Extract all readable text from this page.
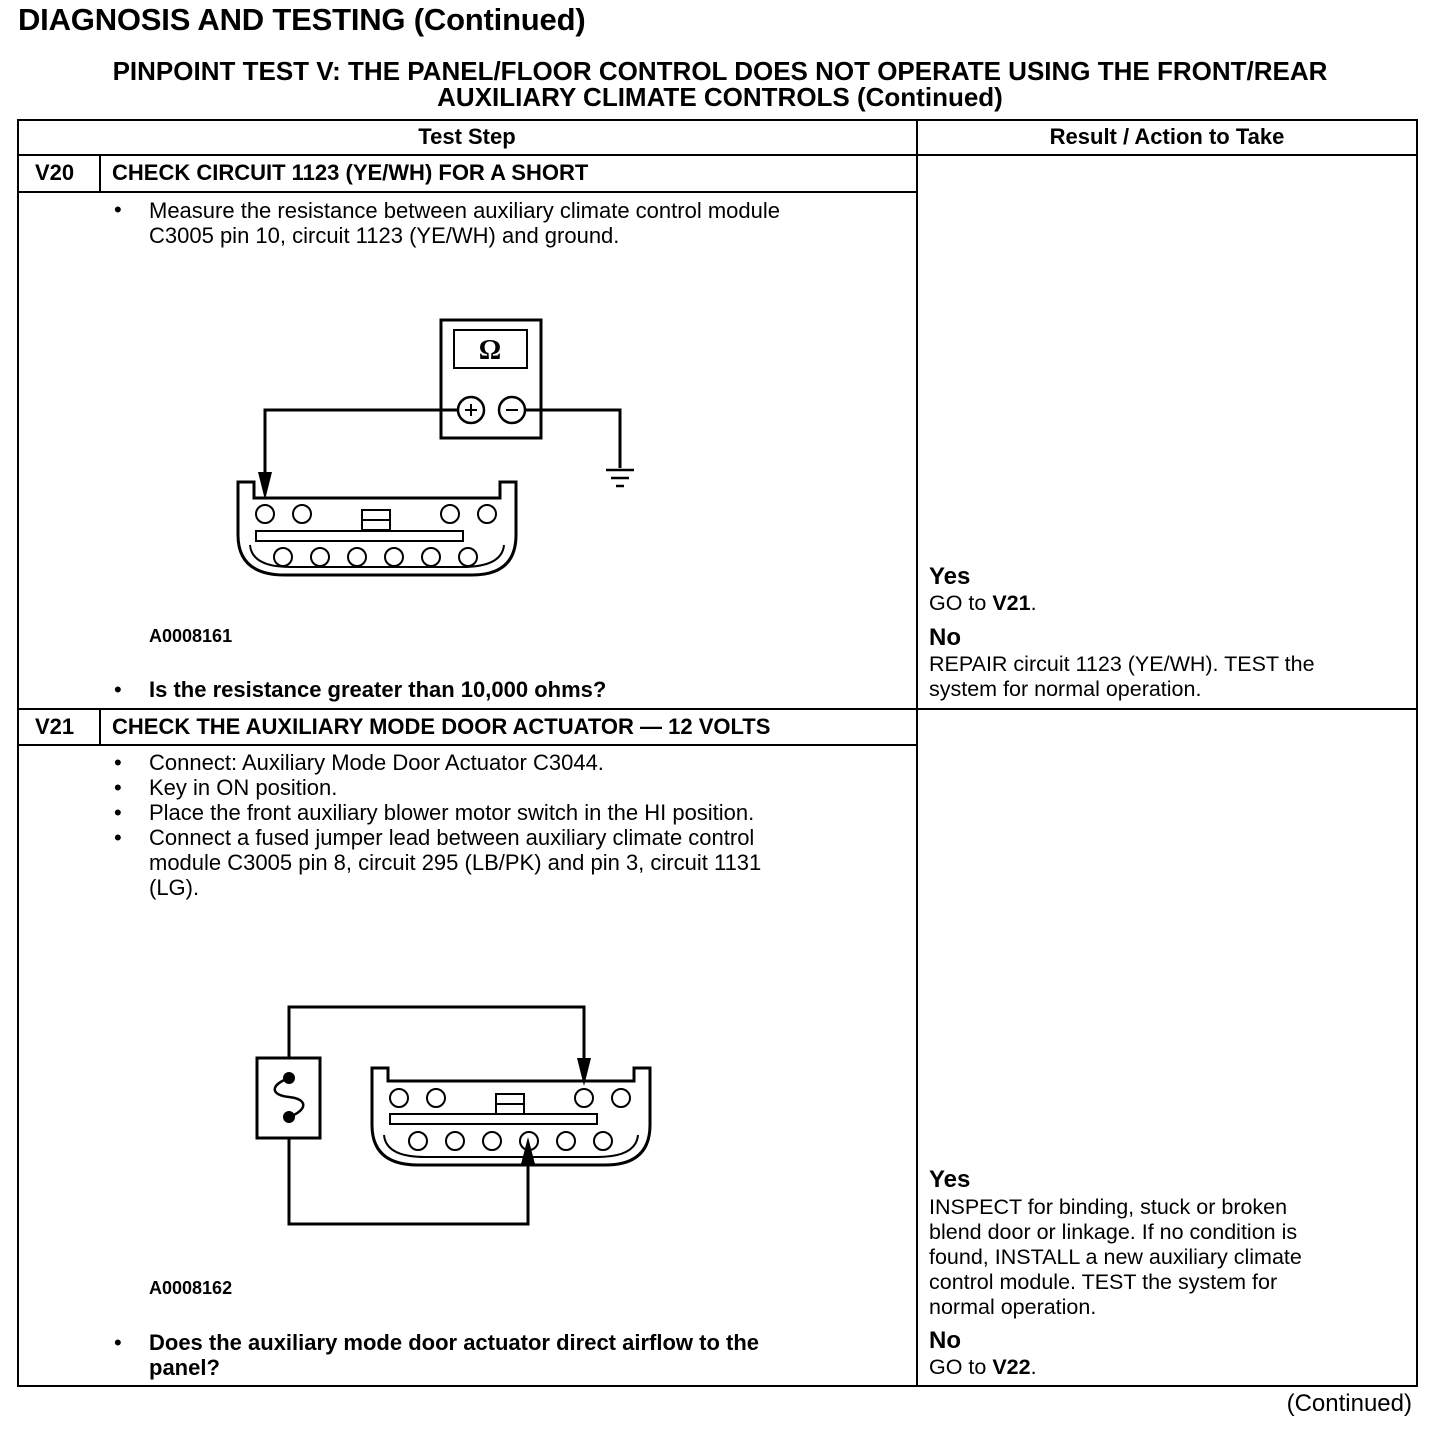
DIAGNOSIS AND TESTING (Continued)
PINPOINT TEST V: THE PANEL/FLOOR CONTROL DOES NOT OPERATE USING THE FRONT/REAR
AUXILIARY CLIMATE CONTROLS (Continued)
Test Step	Result / Action to Take
V20 CHECK CIRCUIT 1123 (YE/WH) FOR A SHORT
• Measure the resistance between auxiliary climate control module
C3005 pin 10, circuit 1123 (YE/WH) and ground.
Ω
A0008161
• Is the resistance greater than 10,000 ohms?
Yes
GO to V21.
No
REPAIR circuit 1123 (YE/WH). TEST the
system for normal operation.
V21 CHECK THE AUXILIARY MODE DOOR ACTUATOR — 12 VOLTS
• Connect: Auxiliary Mode Door Actuator C3044.
• Key in ON position.
• Place the front auxiliary blower motor switch in the HI position.
• Connect a fused jumper lead between auxiliary climate control
module C3005 pin 8, circuit 295 (LB/PK) and pin 3, circuit 1131
(LG).
A0008162
• Does the auxiliary mode door actuator direct airflow to the
panel?
Yes
INSPECT for binding, stuck or broken
blend door or linkage. If no condition is
found, INSTALL a new auxiliary climate
control module. TEST the system for
normal operation.
No
GO to V22.
(Continued)
